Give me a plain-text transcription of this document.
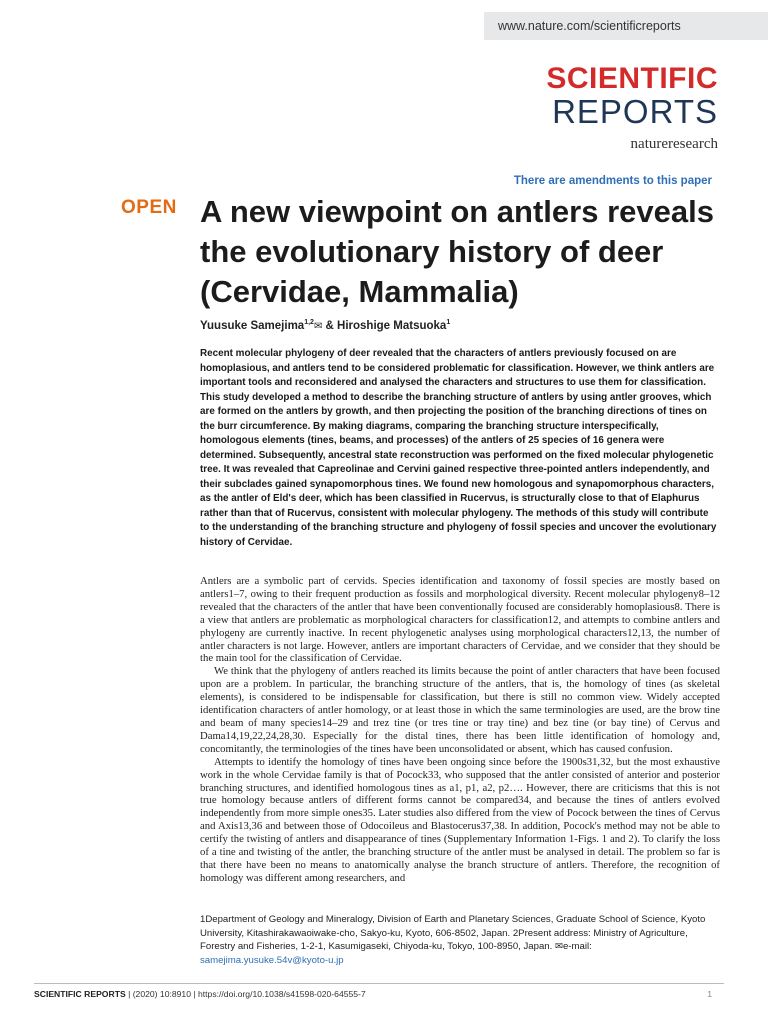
www.nature.com/scientificreports
SCIENTIFIC
REPORTS
natureresearch
There are amendments to this paper
OPEN A new viewpoint on antlers reveals the evolutionary history of deer (Cervidae, Mammalia)
Yuusuke Samejima$^{1,2}$✉ & Hiroshige Matsuoka$^1$
Recent molecular phylogeny of deer revealed that the characters of antlers previously focused on are homoplasious, and antlers tend to be considered problematic for classification. However, we think antlers are important tools and reconsidered and analysed the characters and structures to use them for classification. This study developed a method to describe the branching structure of antlers by using antler grooves, which are formed on the antlers by growth, and then projecting the position of the branching directions of tines on the burr circumference. By making diagrams, comparing the branching structure interspecifically, homologous elements (tines, beams, and processes) of the antlers of 25 species of 16 genera were determined. Subsequently, ancestral state reconstruction was performed on the fixed molecular phylogenetic tree. It was revealed that Capreolinae and Cervini gained respective three-pointed antlers independently, and their subclades gained synapomorphous tines. We found new homologous and synapomorphous characters, as the antler of Eld's deer, which has been classified in Rucervus, is structurally close to that of Elaphurus rather than that of Rucervus, consistent with molecular phylogeny. The methods of this study will contribute to the understanding of the branching structure and phylogeny of fossil species and uncover the evolutionary history of Cervidae.

Antlers are a symbolic part of cervids. Species identification and taxonomy of fossil species are mostly based on antlers1–7, owing to their frequent production as fossils and morphological diversity. Recent molecular phylogeny8–12 revealed that the characters of the antler that have been conventionally focused are considerably homoplasious8. There is a view that antlers are problematic as morphological characters for classification12, and attempts to combine antlers and phylogeny are currently inactive. In recent phylogenetic analyses using morphological characters12,13, the number of antler characters is not large. However, antlers are important characters of Cervidae, and we consider that they should be the main tool for the classification of Cervidae.

We think that the phylogeny of antlers reached its limits because the point of antler characters that have been focused upon are a problem. In particular, the branching structure of the antlers, that is, the homology of tines (as skeletal elements), is considered to be indispensable for classification, but there is still no common view. Widely accepted identification characters of antler homology, or at least those in which the same terminologies are used, are the brow tine and beam of many species14–29 and trez tine (or tres tine or tray tine) and bez tine (or bay tine) of Cervus and Dama14,19,22,24,28,30. Especially for the distal tines, there has been little identification of homology and, concomitantly, the terminologies of the tines have been unconsolidated or absent, which has caused confusion.

Attempts to identify the homology of tines have been ongoing since before the 1900s31,32, but the most exhaustive work in the whole Cervidae family is that of Pocock33, who supposed that the antler consisted of anterior and posterior branching structures, and identified homologous tines as a1, p1, a2, p2…. However, there are criticisms that this is not true homology because antlers of different forms cannot be compared34, and because the tines of antlers evolved independently from more simple ones35. Later studies also differed from the view of Pocock between the tines of Cervus and Axis13,36 and between those of Odocoileus and Blastocerus37,38. In addition, Pocock's method may not be able to certify the twisting of antlers and disappearance of tines (Supplementary Information 1-Figs. 1 and 2). To clarify the loss of a tine and twisting of the antler, the branching structure of the antler must be analysed in detail. The problem so far is that there have been no means to anatomically analyse the branch structure of antlers. Therefore, the recognition of homology was different among researchers, and

1Department of Geology and Mineralogy, Division of Earth and Planetary Sciences, Graduate School of Science, Kyoto University, Kitashirakawaoiwake-cho, Sakyo-ku, Kyoto, 606-8502, Japan. 2Present address: Ministry of Agriculture, Forestry and Fisheries, 1-2-1, Kasumigaseki, Chiyoda-ku, Tokyo, 100-8950, Japan. ✉e-mail: samejima.yusuke.54v@kyoto-u.jp
SCIENTIFIC REPORTS | (2020) 10:8910 | https://doi.org/10.1038/s41598-020-64555-7	1
